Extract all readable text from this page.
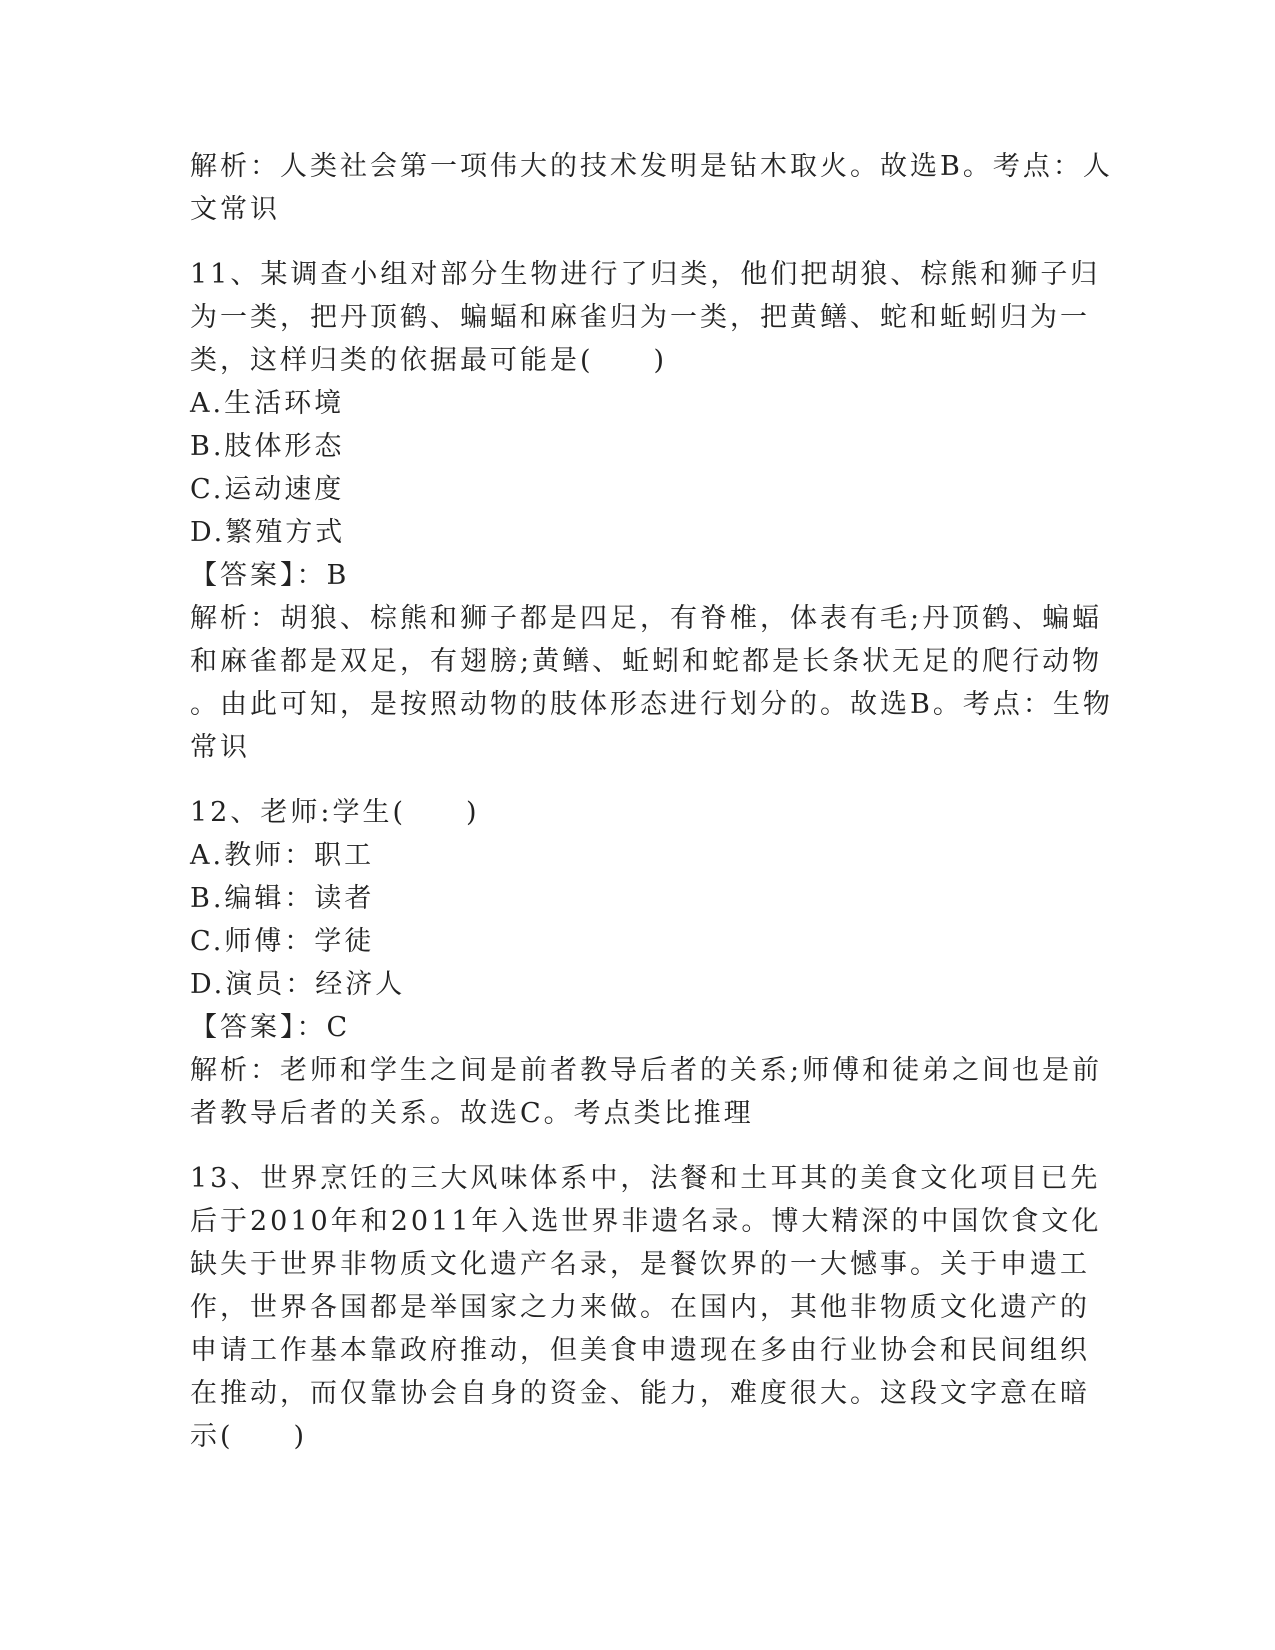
解析：人类社会第一项伟大的技术发明是钻木取火。故选B。考点：人
文常识
11、某调查小组对部分生物进行了归类，他们把胡狼、棕熊和狮子归
为一类，把丹顶鹤、蝙蝠和麻雀归为一类，把黄鳝、蛇和蚯蚓归为一
类，这样归类的依据最可能是(　　)
A.生活环境
B.肢体形态
C.运动速度
D.繁殖方式
【答案】：B
解析：胡狼、棕熊和狮子都是四足，有脊椎，体表有毛;丹顶鹤、蝙蝠
和麻雀都是双足，有翅膀;黄鳝、蚯蚓和蛇都是长条状无足的爬行动物
。由此可知，是按照动物的肢体形态进行划分的。故选B。考点：生物
常识
12、老师:学生(　　)
A.教师：职工
B.编辑：读者
C.师傅：学徒
D.演员：经济人
【答案】：C
解析：老师和学生之间是前者教导后者的关系;师傅和徒弟之间也是前
者教导后者的关系。故选C。考点类比推理
13、世界烹饪的三大风味体系中，法餐和土耳其的美食文化项目已先
后于2010年和2011年入选世界非遗名录。博大精深的中国饮食文化
缺失于世界非物质文化遗产名录，是餐饮界的一大憾事。关于申遗工
作，世界各国都是举国家之力来做。在国内，其他非物质文化遗产的
申请工作基本靠政府推动，但美食申遗现在多由行业协会和民间组织
在推动，而仅靠协会自身的资金、能力，难度很大。这段文字意在暗
示(　　)
